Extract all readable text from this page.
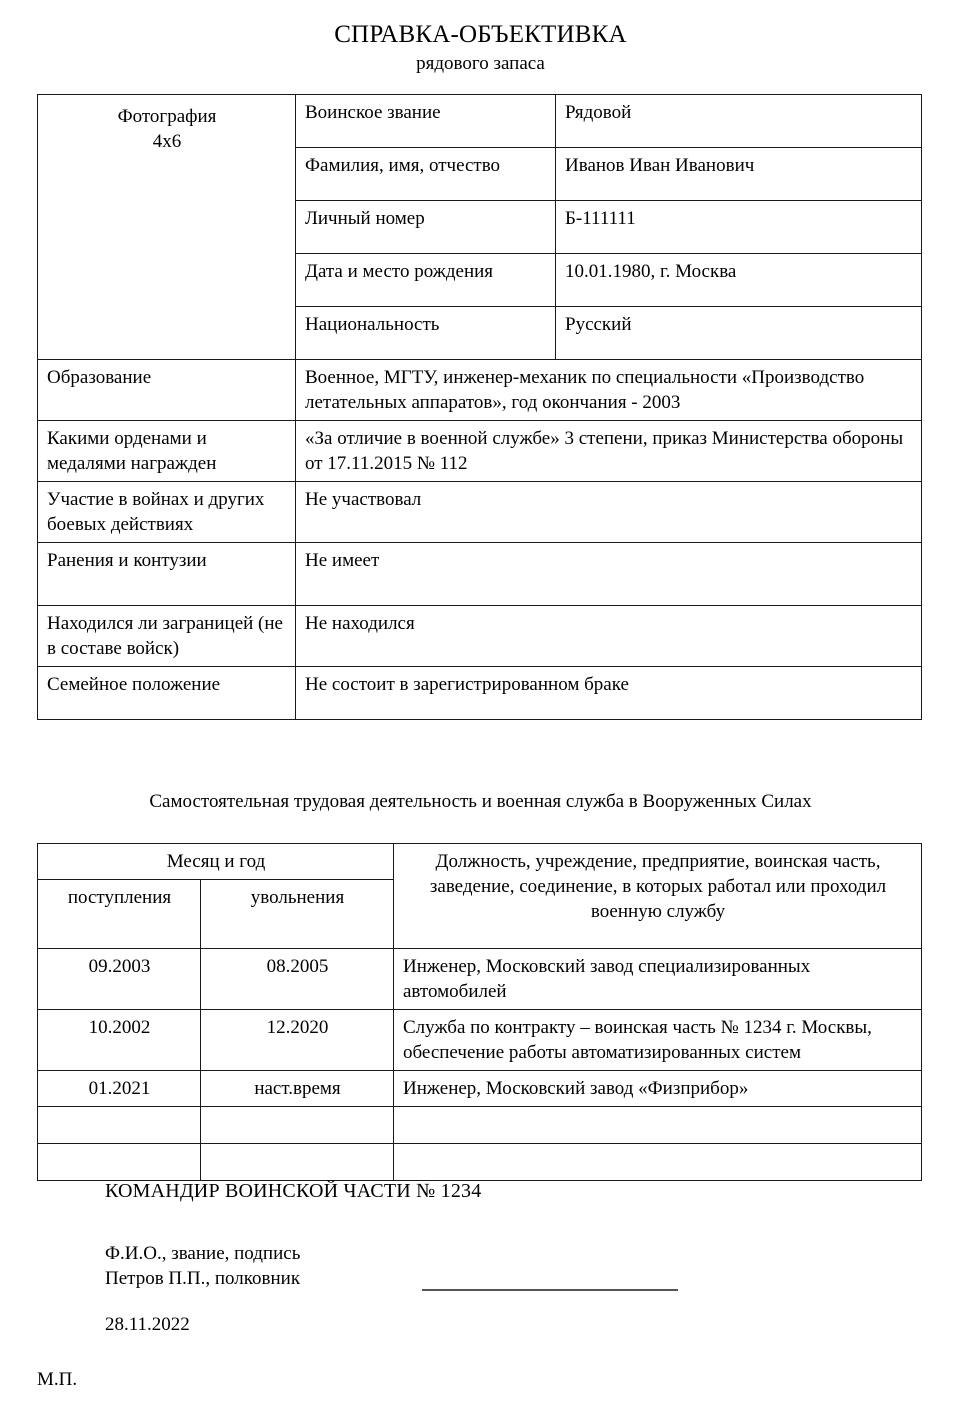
СПРАВКА-ОБЪЕКТИВКА
рядового запаса
Фотография
4х6	Воинское звание	Рядовой
	Фамилия, имя, отчество	Иванов Иван Иванович
	Личный номер	Б-111111
	Дата и место рождения	10.01.1980, г. Москва
	Национальность	Русский
Образование	Военное, МГТУ, инженер-механик по специальности «Производство летательных аппаратов», год окончания - 2003	
Какими орденами и медалями награжден	«За отличие в военной службе» 3 степени, приказ Министерства обороны от 17.11.2015 № 112	
Участие в войнах и других боевых действиях	Не участвовал	
Ранения и контузии	Не имеет	
Находился ли заграницей (не в составе войск)	Не находился	
Семейное положение	Не состоит в зарегистрированном браке	
Самостоятельная трудовая деятельность и военная служба в Вооруженных Силах
Месяц и год		Должность, учреждение, предприятие, воинская часть, заведение, соединение, в которых работал или проходил военную службу
поступления	увольнения	
09.2003	08.2005	Инженер, Московский завод специализированных автомобилей
10.2002	12.2020	Служба по контракту – воинская часть № 1234 г. Москвы, обеспечение работы автоматизированных систем
01.2021	наст.время	Инженер, Московский завод «Физприбор»

КОМАНДИР ВОИНСКОЙ ЧАСТИ № 1234
Ф.И.О., звание, подпись
Петров П.П., полковник
28.11.2022
М.П.
